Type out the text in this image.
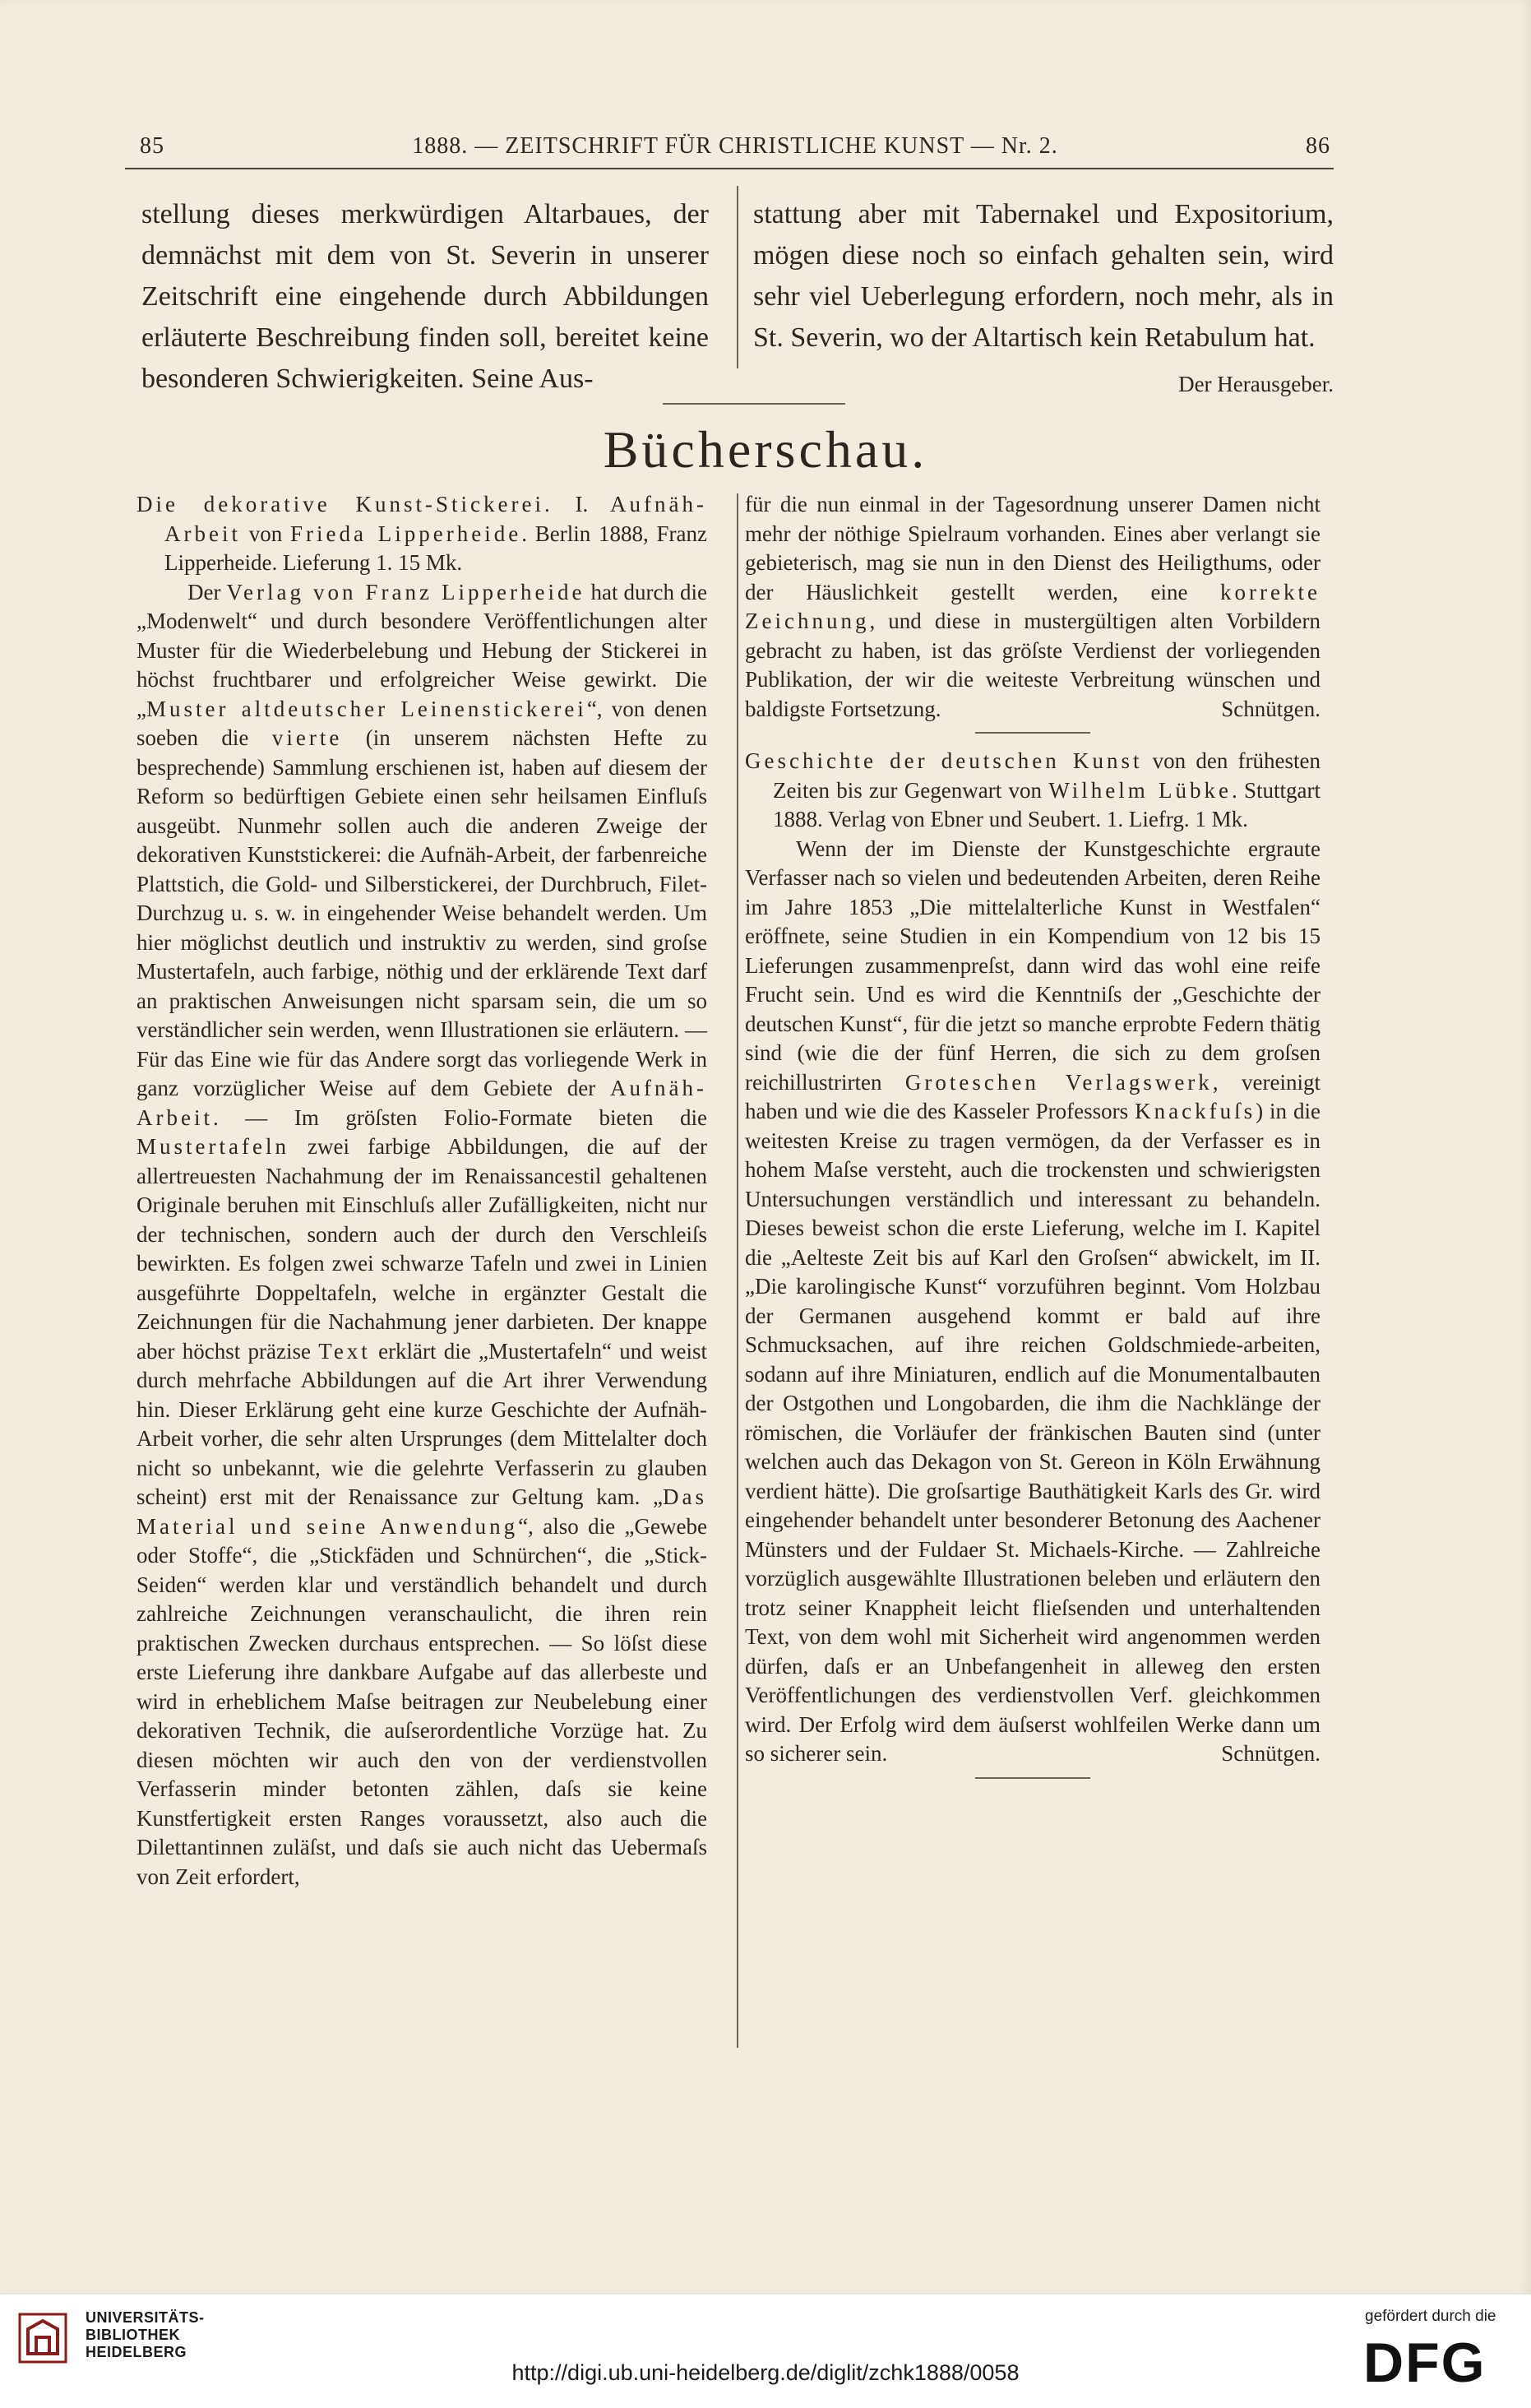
85	1888. — ZEITSCHRIFT FÜR CHRISTLICHE KUNST — Nr. 2.	86
stellung dieses merkwürdigen Altarbaues, der demnächst mit dem von St. Severin in unserer Zeitschrift eine eingehende durch Abbildungen erläuterte Beschreibung finden soll, bereitet keine besonderen Schwierigkeiten. Seine Aus-
stattung aber mit Tabernakel und Expositorium, mögen diese noch so einfach gehalten sein, wird sehr viel Ueberlegung erfordern, noch mehr, als in St. Severin, wo der Altartisch kein Retabulum hat.
Der Herausgeber.
Bücherschau.

Die dekorative Kunst-Stickerei. I. Aufnäh-Arbeit von Frieda Lipperheide. Berlin 1888, Franz Lipperheide. Lieferung 1. 15 Mk.

Der Verlag von Franz Lipperheide hat durch die „Modenwelt“ und durch besondere Veröffentlichungen alter Muster für die Wiederbelebung und Hebung der Stickerei in höchst fruchtbarer und erfolgreicher Weise gewirkt. Die „Muster altdeutscher Leinenstickerei“, von denen soeben die vierte (in unserem nächsten Hefte zu besprechende) Sammlung erschienen ist, haben auf diesem der Reform so bedürftigen Gebiete einen sehr heilsamen Einfluſs ausgeübt. Nunmehr sollen auch die anderen Zweige der dekorativen Kunststickerei: die Aufnäh-Arbeit, der farbenreiche Plattstich, die Gold- und Silberstickerei, der Durchbruch, Filet-Durchzug u. s. w. in eingehender Weise behandelt werden. Um hier möglichst deutlich und instruktiv zu werden, sind groſse Mustertafeln, auch farbige, nöthig und der erklärende Text darf an praktischen Anweisungen nicht sparsam sein, die um so verständlicher sein werden, wenn Illustrationen sie erläutern. — Für das Eine wie für das Andere sorgt das vorliegende Werk in ganz vorzüglicher Weise auf dem Gebiete der Aufnäh-Arbeit. — Im gröſsten Folio-Formate bieten die Mustertafeln zwei farbige Abbildungen, die auf der allertreuesten Nachahmung der im Renaissancestil gehaltenen Originale beruhen mit Einschluſs aller Zufälligkeiten, nicht nur der technischen, sondern auch der durch den Verschleiſs bewirkten. Es folgen zwei schwarze Tafeln und zwei in Linien ausgeführte Doppeltafeln, welche in ergänzter Gestalt die Zeichnungen für die Nachahmung jener darbieten. Der knappe aber höchst präzise Text erklärt die „Mustertafeln“ und weist durch mehrfache Abbildungen auf die Art ihrer Verwendung hin. Dieser Erklärung geht eine kurze Geschichte der Aufnäh-Arbeit vorher, die sehr alten Ursprunges (dem Mittelalter doch nicht so unbekannt, wie die gelehrte Verfasserin zu glauben scheint) erst mit der Renaissance zur Geltung kam. „Das Material und seine Anwendung“, also die „Gewebe oder Stoffe“, die „Stickfäden und Schnürchen“, die „Stick-Seiden“ werden klar und verständlich behandelt und durch zahlreiche Zeichnungen veranschaulicht, die ihren rein praktischen Zwecken durchaus entsprechen. — So löſst diese erste Lieferung ihre dankbare Aufgabe auf das allerbeste und wird in erheblichem Maſse beitragen zur Neubelebung einer dekorativen Technik, die auſserordentliche Vorzüge hat. Zu diesen möchten wir auch den von der verdienstvollen Verfasserin minder betonten zählen, daſs sie keine Kunstfertigkeit ersten Ranges voraussetzt, also auch die Dilettantinnen zuläſst, und daſs sie auch nicht das Uebermaſs von Zeit erfordert,

für die nun einmal in der Tagesordnung unserer Damen nicht mehr der nöthige Spielraum vorhanden. Eines aber verlangt sie gebieterisch, mag sie nun in den Dienst des Heiligthums, oder der Häuslichkeit gestellt werden, eine korrekte Zeichnung, und diese in mustergültigen alten Vorbildern gebracht zu haben, ist das gröſste Verdienst der vorliegenden Publikation, der wir die weiteste Verbreitung wünschen und baldigste Fortsetzung.	Schnütgen.

Geschichte der deutschen Kunst von den frühesten Zeiten bis zur Gegenwart von Wilhelm Lübke. Stuttgart 1888. Verlag von Ebner und Seubert. 1. Liefrg. 1 Mk.

Wenn der im Dienste der Kunstgeschichte ergraute Verfasser nach so vielen und bedeutenden Arbeiten, deren Reihe im Jahre 1853 „Die mittelalterliche Kunst in Westfalen“ eröffnete, seine Studien in ein Kompendium von 12 bis 15 Lieferungen zusammenpreſst, dann wird das wohl eine reife Frucht sein. Und es wird die Kenntniſs der „Geschichte der deutschen Kunst“, für die jetzt so manche erprobte Federn thätig sind (wie die der fünf Herren, die sich zu dem groſsen reichillustrirten Groteschen Verlagswerk, vereinigt haben und wie die des Kasseler Professors Knackfuſs) in die weitesten Kreise zu tragen vermögen, da der Verfasser es in hohem Maſse versteht, auch die trockensten und schwierigsten Untersuchungen verständlich und interessant zu behandeln. Dieses beweist schon die erste Lieferung, welche im I. Kapitel die „Aelteste Zeit bis auf Karl den Groſsen“ abwickelt, im II. „Die karolingische Kunst“ vorzuführen beginnt. Vom Holzbau der Germanen ausgehend kommt er bald auf ihre Schmucksachen, auf ihre reichen Goldschmiede-arbeiten, sodann auf ihre Miniaturen, endlich auf die Monumentalbauten der Ostgothen und Longobarden, die ihm die Nachklänge der römischen, die Vorläufer der fränkischen Bauten sind (unter welchen auch das Dekagon von St. Gereon in Köln Erwähnung verdient hätte). Die groſsartige Bauthätigkeit Karls des Gr. wird eingehender behandelt unter besonderer Betonung des Aachener Münsters und der Fuldaer St. Michaels-Kirche. — Zahlreiche vorzüglich ausgewählte Illustrationen beleben und erläutern den trotz seiner Knappheit leicht flieſsenden und unterhaltenden Text, von dem wohl mit Sicherheit wird angenommen werden dürfen, daſs er an Unbefangenheit in alleweg den ersten Veröffentlichungen des verdienstvollen Verf. gleichkommen wird. Der Erfolg wird dem äuſserst wohlfeilen Werke dann um so sicherer sein.	Schnütgen.

UNIVERSITÄTS-
BIBLIOTHEK
HEIDELBERG
http://digi.ub.uni-heidelberg.de/diglit/zchk1888/0058
gefördert durch die
DFG
